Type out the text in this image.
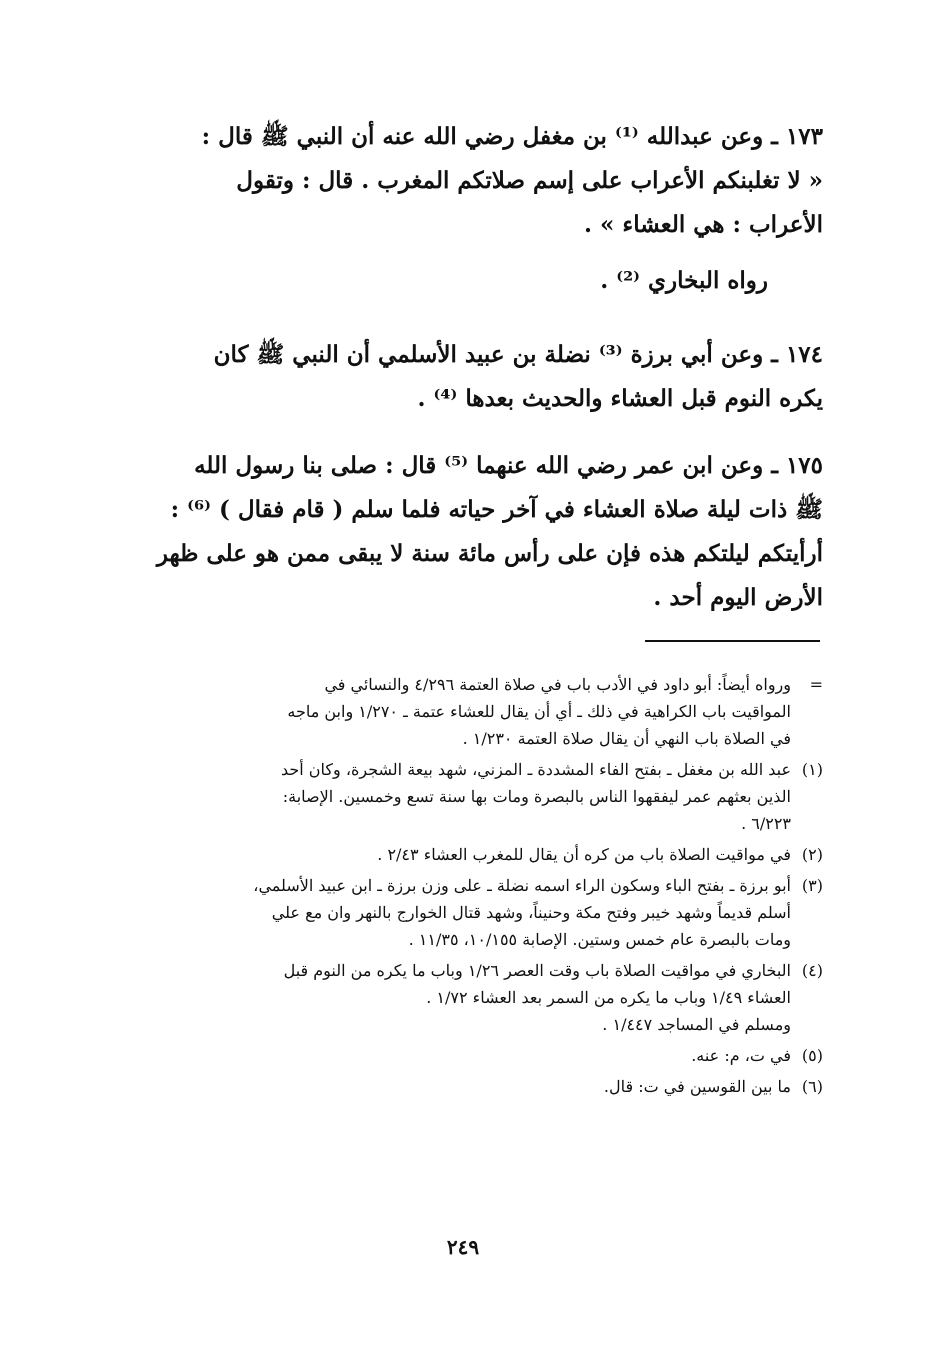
١٧٣ ـ وعن عبدالله ⁽¹⁾ بن مغفل رضي الله عنه أن النبي ﷺ قال :

« لا تغلبنكم الأعراب على إسم صلاتكم المغرب . قال : وتقول

الأعراب : هي العشاء » .

رواه البخاري ⁽²⁾ .

١٧٤ ـ وعن أبي برزة ⁽³⁾ نضلة بن عبيد الأسلمي أن النبي ﷺ كان

يكره النوم قبل العشاء والحديث بعدها ⁽⁴⁾ .

١٧٥ ـ وعن ابن عمر رضي الله عنهما ⁽⁵⁾ قال : صلى بنا رسول الله

ﷺ ذات ليلة صلاة العشاء في آخر حياته فلما سلم ( قام فقال ) ⁽⁶⁾ :

أرأيتكم ليلتكم هذه فإن على رأس مائة سنة لا يبقى ممن هو على ظهر

الأرض اليوم أحد .

=
ورواه أيضاً: أبو داود في الأدب باب في صلاة العتمة ٤/٢٩٦ والنسائي في
المواقيت باب الكراهية في ذلك ـ أي أن يقال للعشاء عتمة ـ ١/٢٧٠ وابن ماجه
في الصلاة باب النهي أن يقال صلاة العتمة ١/٢٣٠ .
(١)
عبد الله بن مغفل ـ بفتح الفاء المشددة ـ المزني، شهد بيعة الشجرة، وكان أحد
الذين بعثهم عمر ليفقهوا الناس بالبصرة ومات بها سنة تسع وخمسين. الإصابة:
٦/٢٢٣ .
(٢)
في مواقيت الصلاة باب من كره أن يقال للمغرب العشاء ٢/٤٣ .
(٣)
أبو برزة ـ بفتح الباء وسكون الراء اسمه نضلة ـ على وزن برزة ـ ابن عبيد الأسلمي،
أسلم قديماً وشهد خيبر وفتح مكة وحنيناً، وشهد قتال الخوارج بالنهر وان مع علي
ومات بالبصرة عام خمس وستين. الإصابة ١٠/١٥٥، ١١/٣٥ .
(٤)
البخاري في مواقيت الصلاة باب وقت العصر ١/٢٦ وباب ما يكره من النوم قبل
العشاء ١/٤٩ وباب ما يكره من السمر بعد العشاء ١/٧٢ .
ومسلم في المساجد ١/٤٤٧ .
(٥)
في ت، م: عنه.
(٦)
ما بين القوسين في ت: قال.
٢٤٩
